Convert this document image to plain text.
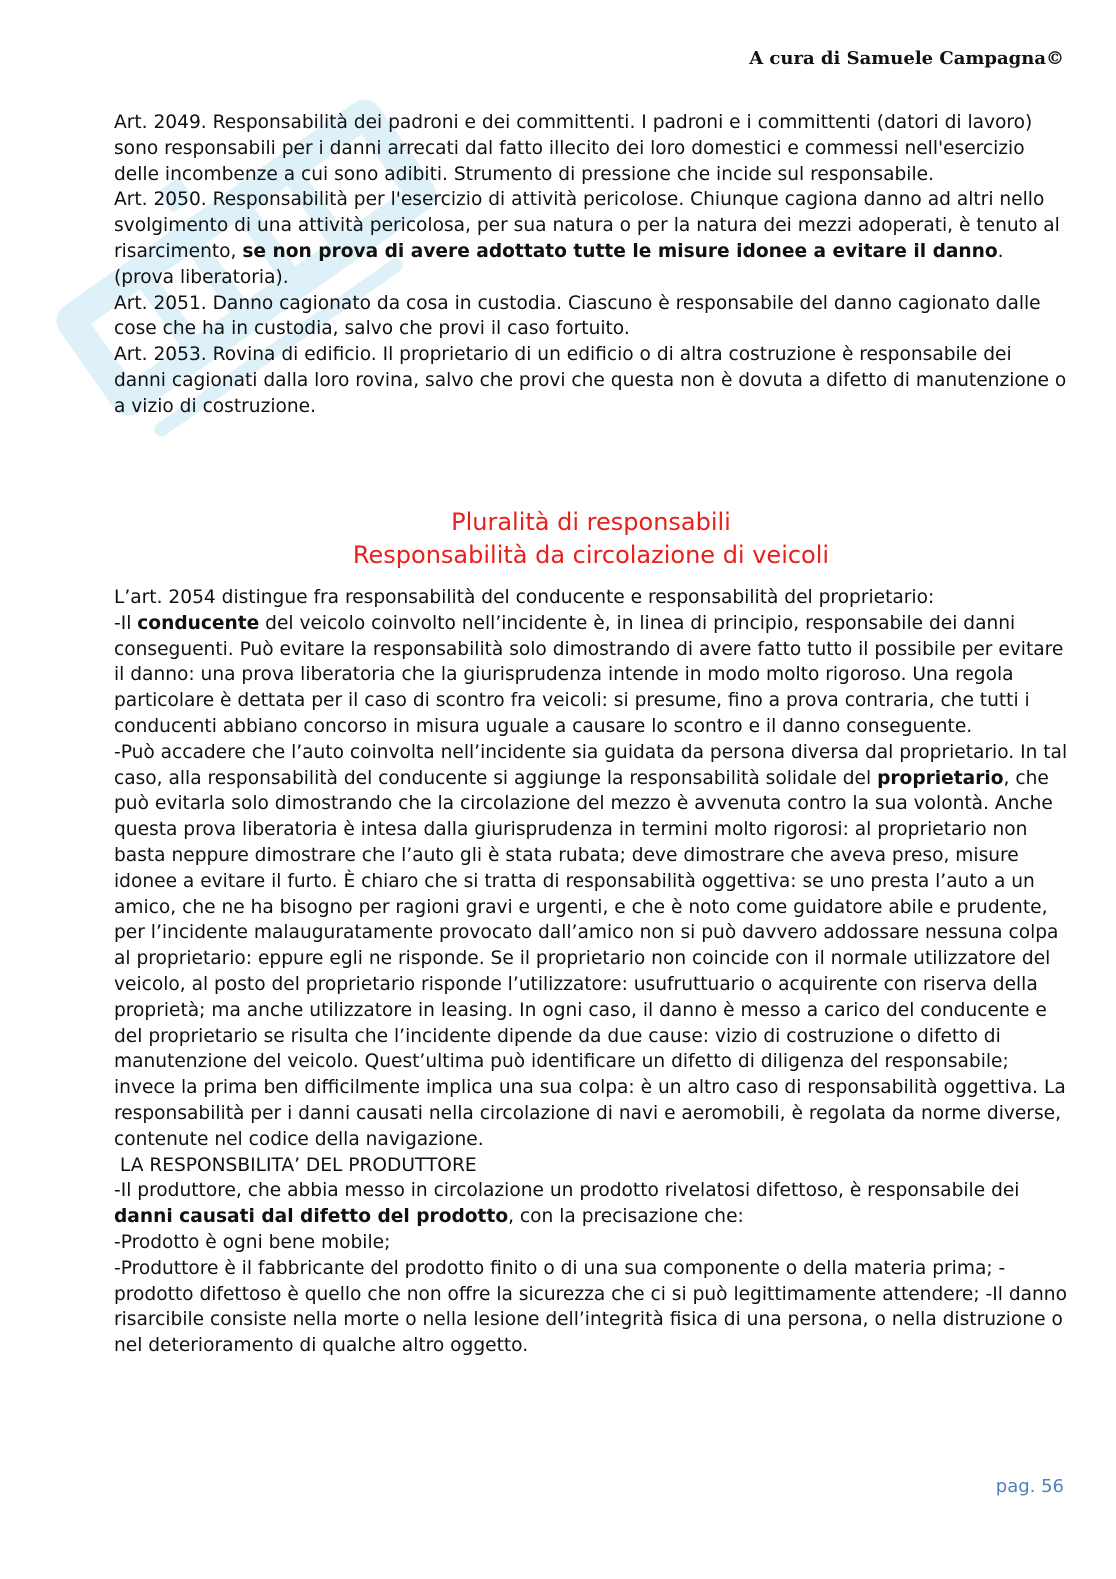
A cura di Samuele Campagna©

Art. 2049. Responsabilità dei padroni e dei committenti. I padroni e i committenti (datori di lavoro) sono responsabili per i danni arrecati dal fatto illecito dei loro domestici e commessi nell'esercizio delle incombenze a cui sono adibiti. Strumento di pressione che incide sul responsabile.

Art. 2050. Responsabilità per l'esercizio di attività pericolose. Chiunque cagiona danno ad altri nello svolgimento di una attività pericolosa, per sua natura o per la natura dei mezzi adoperati, è tenuto al risarcimento, se non prova di avere adottato tutte le misure idonee a evitare il danno. (prova liberatoria).

Art. 2051. Danno cagionato da cosa in custodia. Ciascuno è responsabile del danno cagionato dalle cose che ha in custodia, salvo che provi il caso fortuito.

Art. 2053. Rovina di edificio. Il proprietario di un edificio o di altra costruzione è responsabile dei danni cagionati dalla loro rovina, salvo che provi che questa non è dovuta a difetto di manutenzione o a vizio di costruzione.

Pluralità di responsabili
Responsabilità da circolazione di veicoli

L’art. 2054 distingue fra responsabilità del conducente e responsabilità del proprietario:

-Il conducente del veicolo coinvolto nell’incidente è, in linea di principio, responsabile dei danni conseguenti. Può evitare la responsabilità solo dimostrando di avere fatto tutto il possibile per evitare il danno: una prova liberatoria che la giurisprudenza intende in modo molto rigoroso. Una regola particolare è dettata per il caso di scontro fra veicoli: si presume, fino a prova contraria, che tutti i conducenti abbiano concorso in misura uguale a causare lo scontro e il danno conseguente.

-Può accadere che l’auto coinvolta nell’incidente sia guidata da persona diversa dal proprietario. In tal caso, alla responsabilità del conducente si aggiunge la responsabilità solidale del proprietario, che può evitarla solo dimostrando che la circolazione del mezzo è avvenuta contro la sua volontà. Anche questa prova liberatoria è intesa dalla giurisprudenza in termini molto rigorosi: al proprietario non basta neppure dimostrare che l’auto gli è stata rubata; deve dimostrare che aveva preso, misure idonee a evitare il furto. È chiaro che si tratta di responsabilità oggettiva: se uno presta l’auto a un amico, che ne ha bisogno per ragioni gravi e urgenti, e che è noto come guidatore abile e prudente, per l’incidente malauguratamente provocato dall’amico non si può davvero addossare nessuna colpa al proprietario: eppure egli ne risponde. Se il proprietario non coincide con il normale utilizzatore del veicolo, al posto del proprietario risponde l’utilizzatore: usufruttuario o acquirente con riserva della proprietà; ma anche utilizzatore in leasing. In ogni caso, il danno è messo a carico del conducente e del proprietario se risulta che l’incidente dipende da due cause: vizio di costruzione o difetto di manutenzione del veicolo. Quest’ultima può identificare un difetto di diligenza del responsabile; invece la prima ben difficilmente implica una sua colpa: è un altro caso di responsabilità oggettiva. La responsabilità per i danni causati nella circolazione di navi e aeromobili, è regolata da norme diverse, contenute nel codice della navigazione.

LA RESPONSBILITA’ DEL PRODUTTORE

-Il produttore, che abbia messo in circolazione un prodotto rivelatosi difettoso, è responsabile dei danni causati dal difetto del prodotto, con la precisazione che:

-Prodotto è ogni bene mobile;

-Produttore è il fabbricante del prodotto finito o di una sua componente o della materia prima; -prodotto difettoso è quello che non offre la sicurezza che ci si può legittimamente attendere; -Il danno risarcibile consiste nella morte o nella lesione dell’integrità fisica di una persona, o nella distruzione o nel deterioramento di qualche altro oggetto.

pag. 56
